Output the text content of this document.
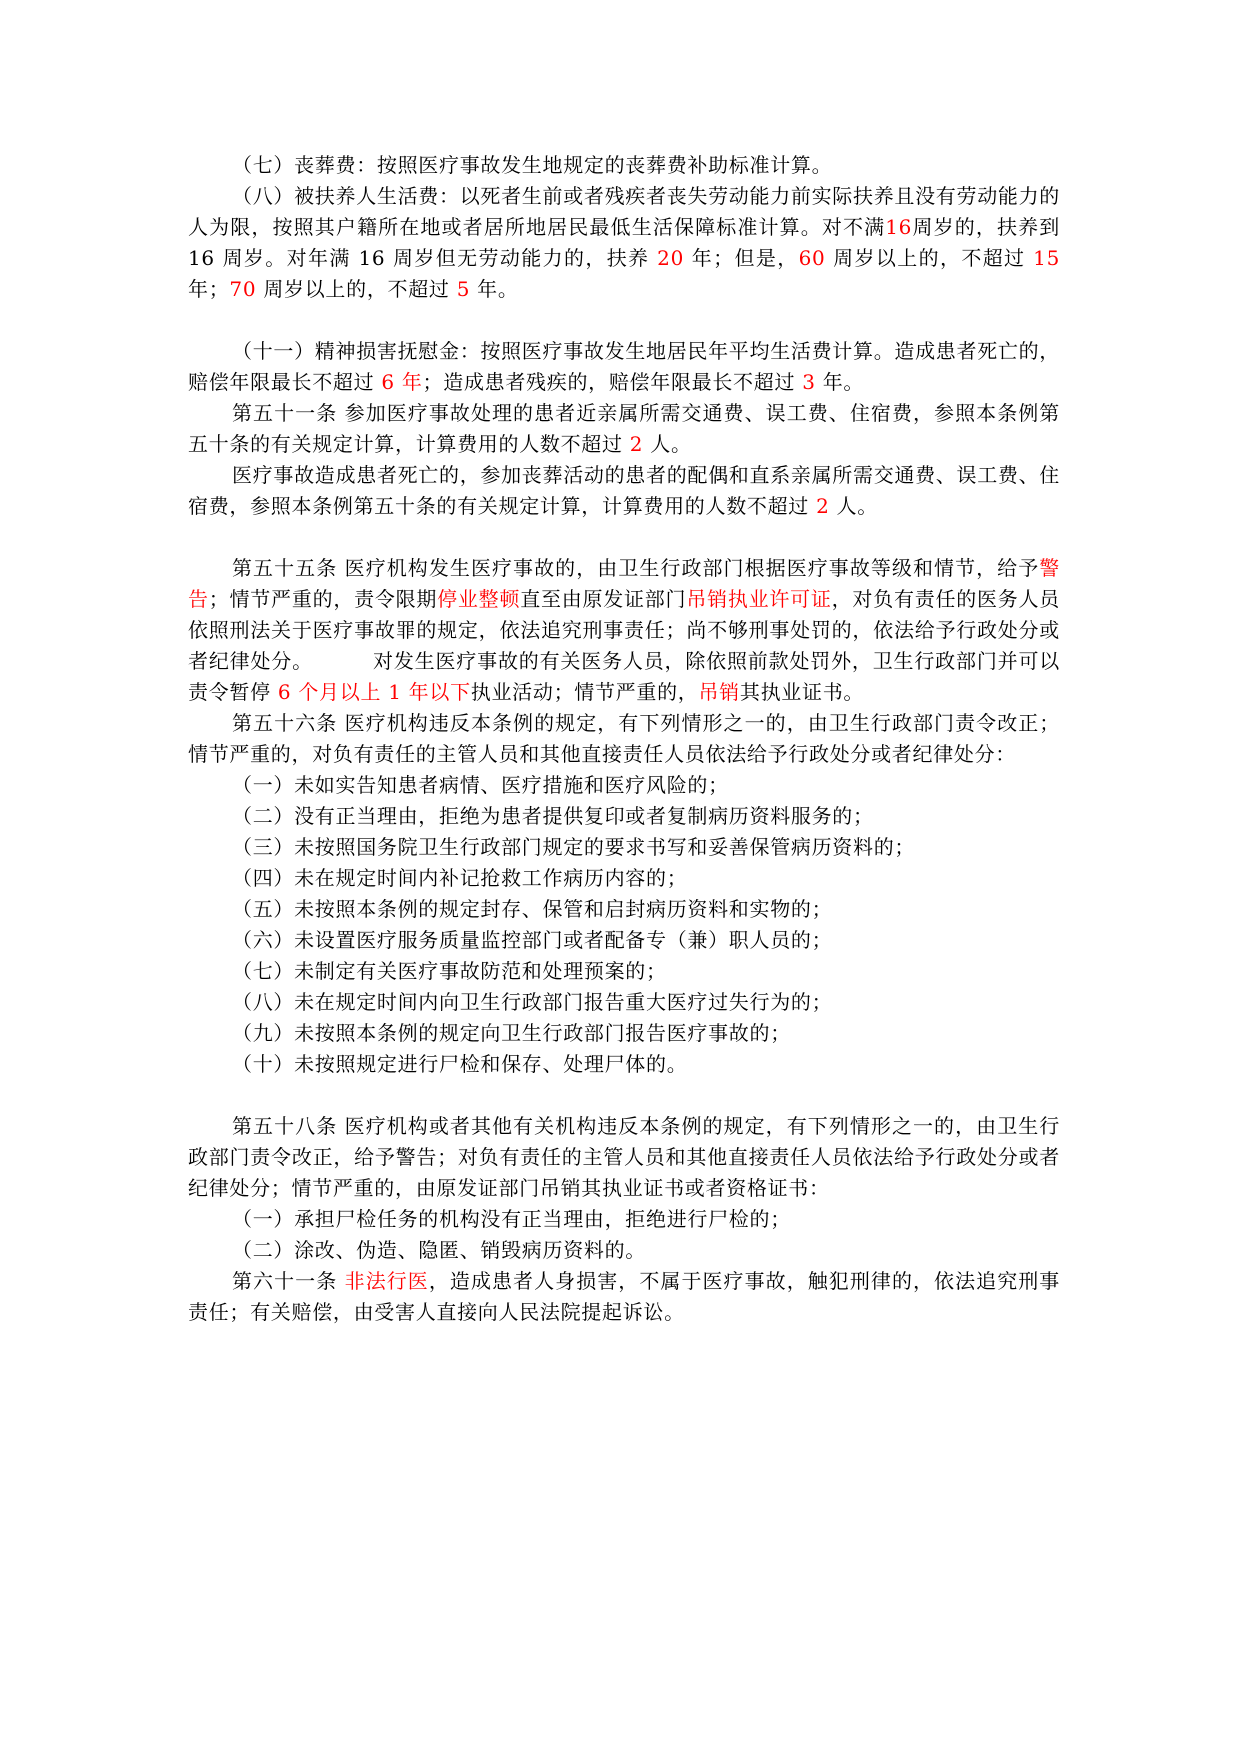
（七）丧葬费：按照医疗事故发生地规定的丧葬费补助标准计算。

（八）被扶养人生活费：以死者生前或者残疾者丧失劳动能力前实际扶养且没有劳动能力的人为限，按照其户籍所在地或者居所地居民最低生活保障标准计算。对不满16周岁的，扶养到 16 周岁。对年满 16 周岁但无劳动能力的，扶养 20 年；但是，60 周岁以上的，不超过 15 年；70 周岁以上的，不超过 5 年。

（十一）精神损害抚慰金：按照医疗事故发生地居民年平均生活费计算。造成患者死亡的，赔偿年限最长不超过 6 年；造成患者残疾的，赔偿年限最长不超过 3 年。

第五十一条 参加医疗事故处理的患者近亲属所需交通费、误工费、住宿费，参照本条例第五十条的有关规定计算，计算费用的人数不超过 2 人。

医疗事故造成患者死亡的，参加丧葬活动的患者的配偶和直系亲属所需交通费、误工费、住宿费，参照本条例第五十条的有关规定计算，计算费用的人数不超过 2 人。

第五十五条 医疗机构发生医疗事故的，由卫生行政部门根据医疗事故等级和情节，给予警告；情节严重的，责令限期停业整顿直至由原发证部门吊销执业许可证，对负有责任的医务人员依照刑法关于医疗事故罪的规定，依法追究刑事责任；尚不够刑事处罚的，依法给予行政处分或者纪律处分。	对发生医疗事故的有关医务人员，除依照前款处罚外，卫生行政部门并可以责令暂停 6 个月以上 1 年以下执业活动；情节严重的，吊销其执业证书。

第五十六条 医疗机构违反本条例的规定，有下列情形之一的，由卫生行政部门责令改正；情节严重的，对负有责任的主管人员和其他直接责任人员依法给予行政处分或者纪律处分：

（一）未如实告知患者病情、医疗措施和医疗风险的；

（二）没有正当理由，拒绝为患者提供复印或者复制病历资料服务的；

（三）未按照国务院卫生行政部门规定的要求书写和妥善保管病历资料的；

（四）未在规定时间内补记抢救工作病历内容的；

（五）未按照本条例的规定封存、保管和启封病历资料和实物的；

（六）未设置医疗服务质量监控部门或者配备专（兼）职人员的；

（七）未制定有关医疗事故防范和处理预案的；

（八）未在规定时间内向卫生行政部门报告重大医疗过失行为的；

（九）未按照本条例的规定向卫生行政部门报告医疗事故的；

（十）未按照规定进行尸检和保存、处理尸体的。

第五十八条 医疗机构或者其他有关机构违反本条例的规定，有下列情形之一的，由卫生行政部门责令改正，给予警告；对负有责任的主管人员和其他直接责任人员依法给予行政处分或者纪律处分；情节严重的，由原发证部门吊销其执业证书或者资格证书：

（一）承担尸检任务的机构没有正当理由，拒绝进行尸检的；

（二）涂改、伪造、隐匿、销毁病历资料的。

第六十一条 非法行医，造成患者人身损害，不属于医疗事故，触犯刑律的，依法追究刑事责任；有关赔偿，由受害人直接向人民法院提起诉讼。
